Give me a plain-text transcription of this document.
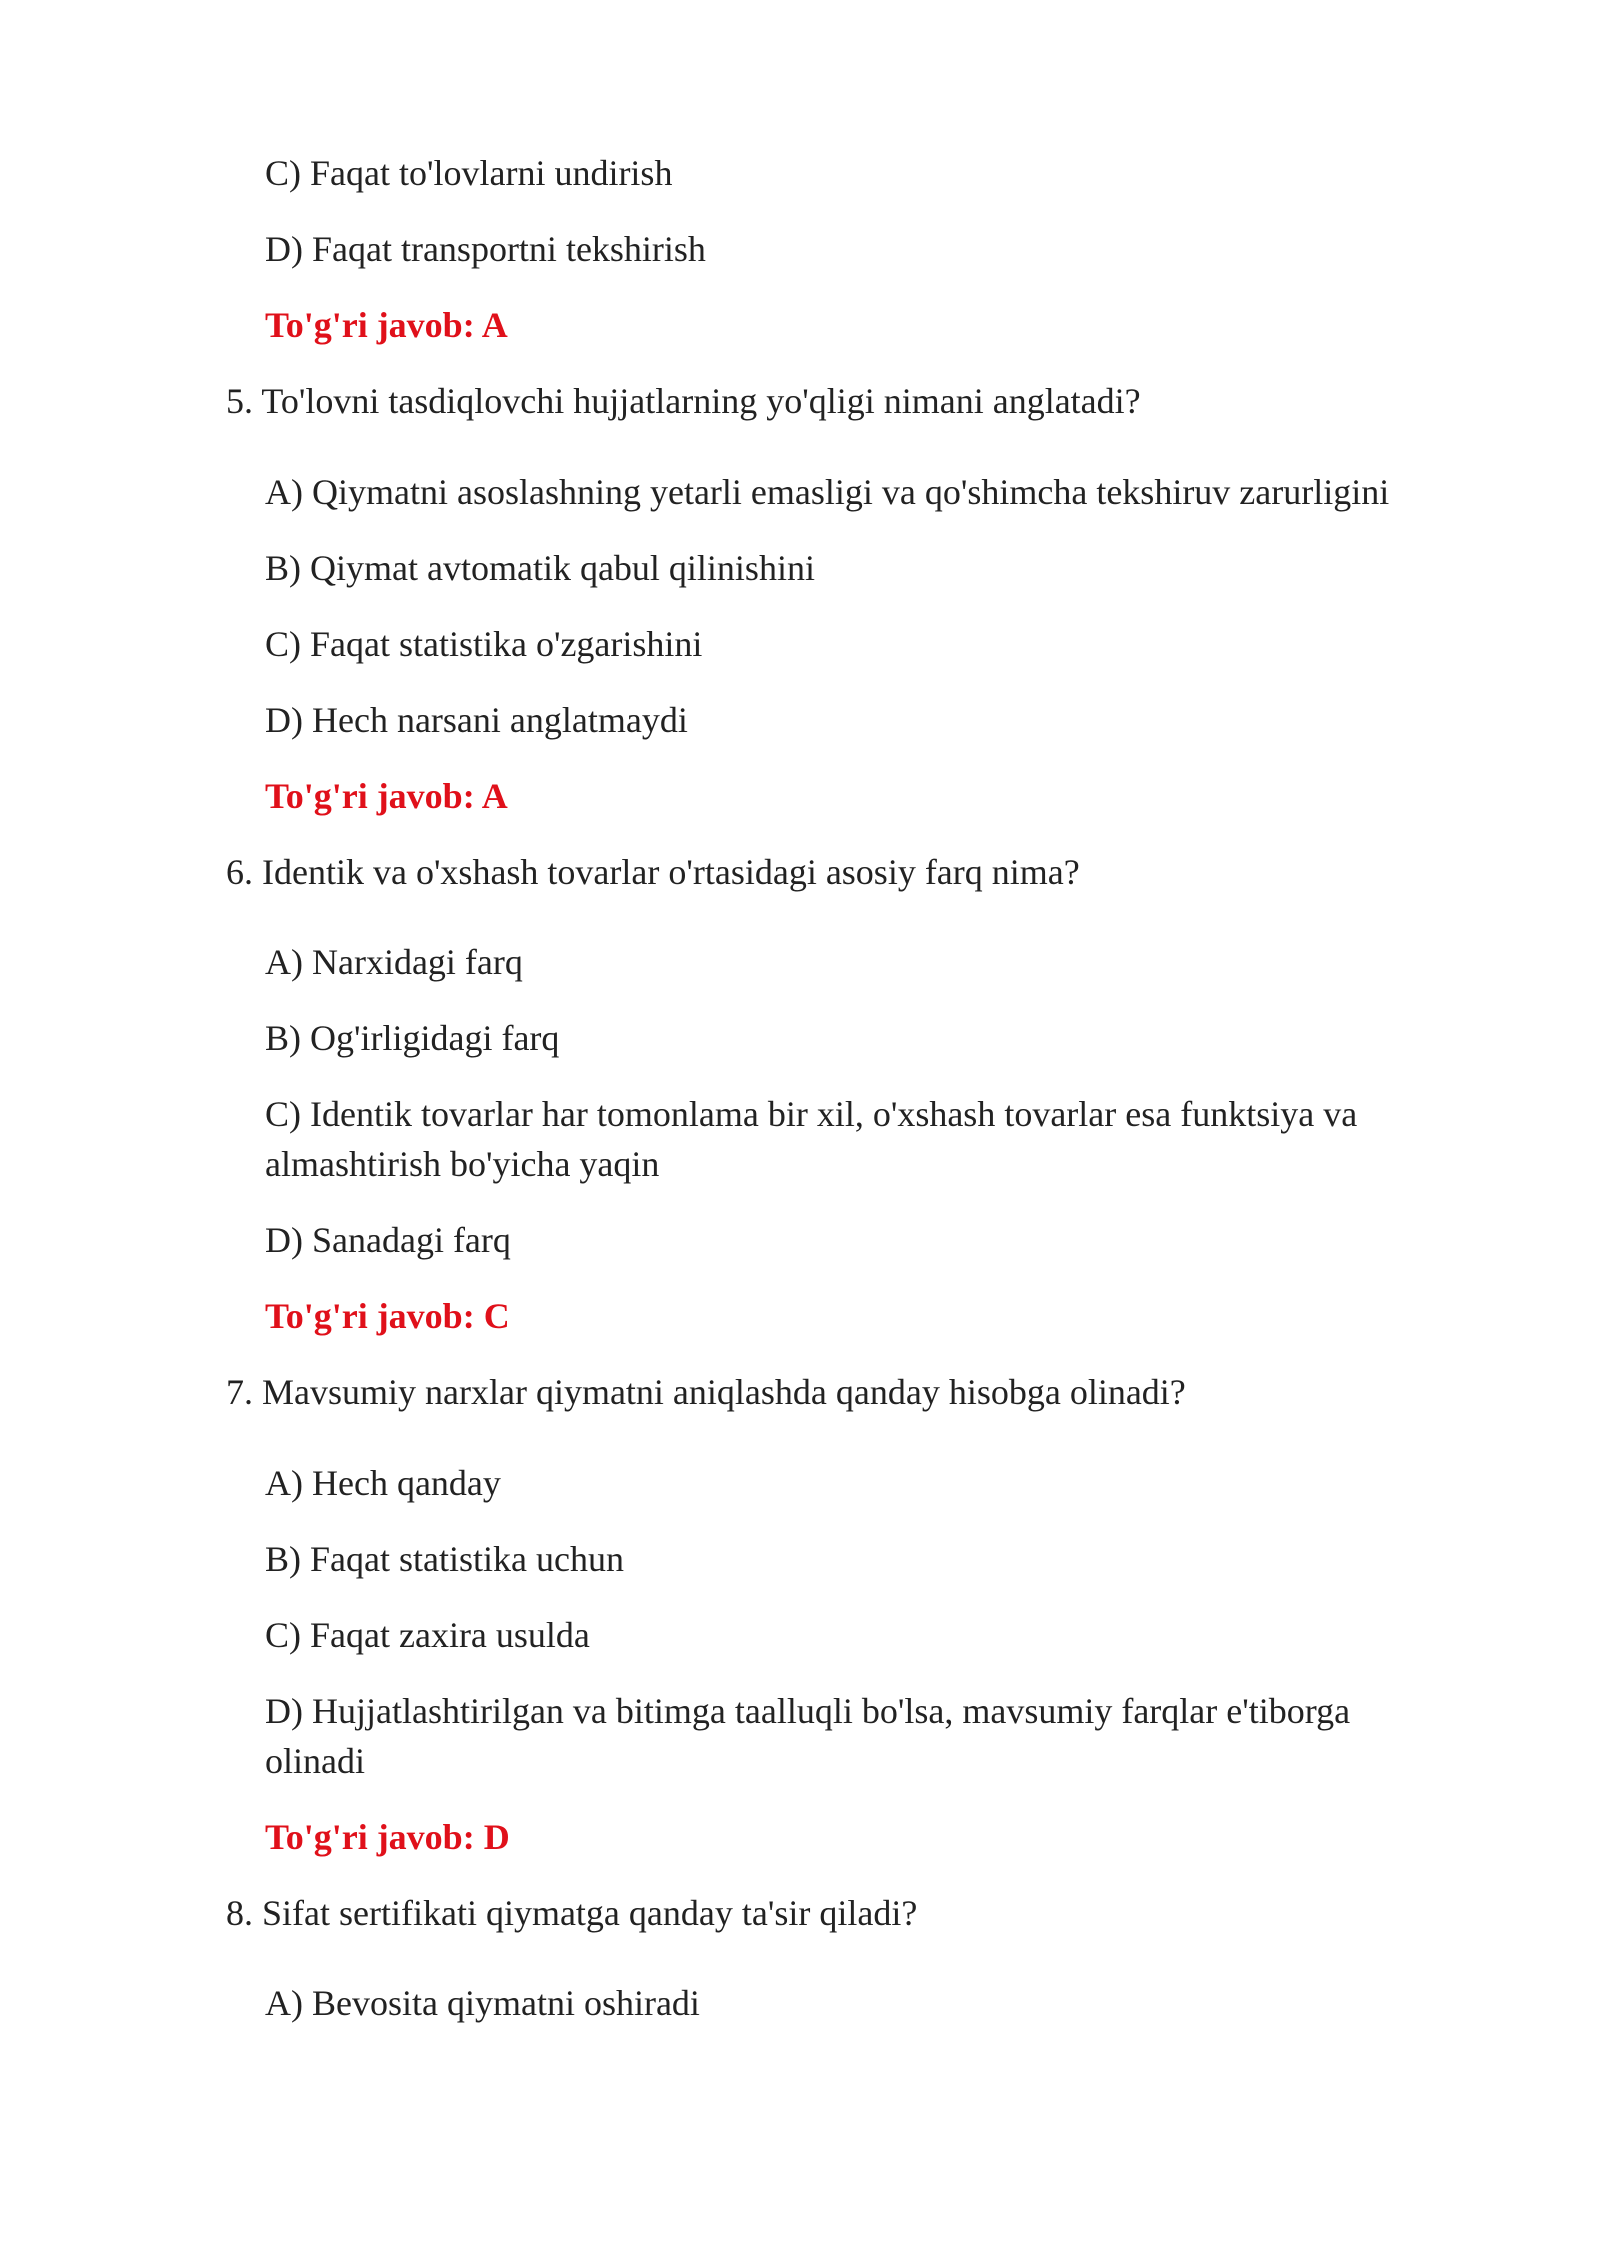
C) Faqat to'lovlarni undirish
D) Faqat transportni tekshirish
To'g'ri javob: A
5. To'lovni tasdiqlovchi hujjatlarning yo'qligi nimani anglatadi?
A) Qiymatni asoslashning yetarli emasligi va qo'shimcha tekshiruv zarurligini
B) Qiymat avtomatik qabul qilinishini
C) Faqat statistika o'zgarishini
D) Hech narsani anglatmaydi
To'g'ri javob: A
6. Identik va o'xshash tovarlar o'rtasidagi asosiy farq nima?
A) Narxidagi farq
B) Og'irligidagi farq
C) Identik tovarlar har tomonlama bir xil, o'xshash tovarlar esa funktsiya va
almashtirish bo'yicha yaqin
D) Sanadagi farq
To'g'ri javob: C
7. Mavsumiy narxlar qiymatni aniqlashda qanday hisobga olinadi?
A) Hech qanday
B) Faqat statistika uchun
C) Faqat zaxira usulda
D) Hujjatlashtirilgan va bitimga taalluqli bo'lsa, mavsumiy farqlar e'tiborga
olinadi
To'g'ri javob: D
8. Sifat sertifikati qiymatga qanday ta'sir qiladi?
A) Bevosita qiymatni oshiradi
